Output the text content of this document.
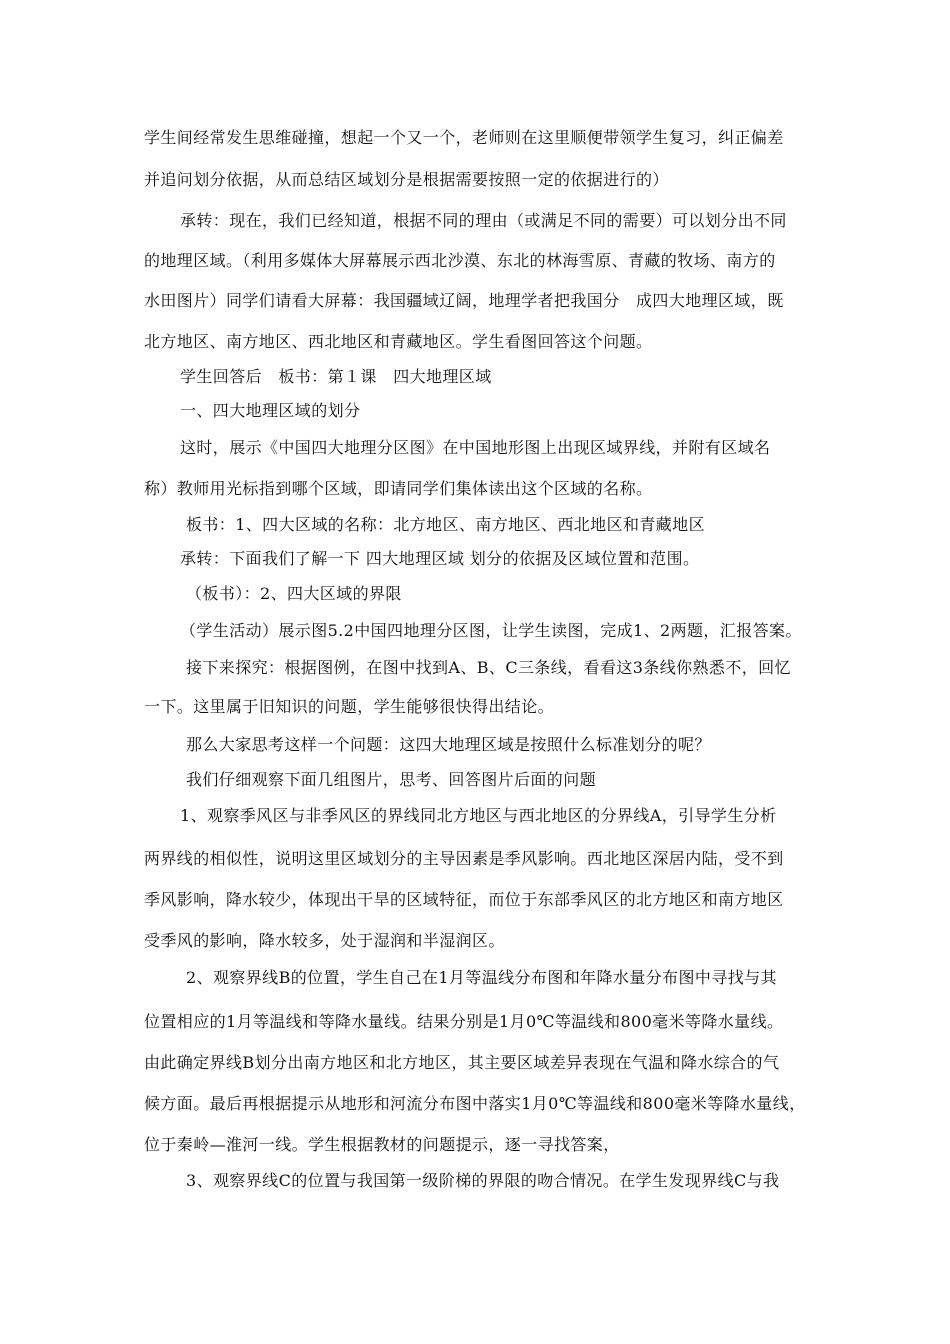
学生间经常发生思维碰撞，想起一个又一个，老师则在这里顺便带领学生复习，纠正偏差
并追问划分依据，从而总结区域划分是根据需要按照一定的依据进行的）
承转：现在，我们已经知道，根据不同的理由（或满足不同的需要）可以划分出不同
的地理区域。（利用多媒体大屏幕展示西北沙漠、东北的林海雪原、青藏的牧场、南方的
水田图片）同学们请看大屏幕：我国疆域辽阔，地理学者把我国分　成四大地理区域，既
北方地区、南方地区、西北地区和青藏地区。学生看图回答这个问题。
学生回答后　板书：第１课　四大地理区域
一、四大地理区域的划分
这时，展示《中国四大地理分区图》在中国地形图上出现区域界线，并附有区域名
称）教师用光标指到哪个区域，即请同学们集体读出这个区域的名称。
板书：1、四大区域的名称：北方地区、南方地区、西北地区和青藏地区
承转：下面我们了解一下 四大地理区域 划分的依据及区域位置和范围。
（板书）：2、四大区域的界限
（学生活动）展示图5.2中国四地理分区图，让学生读图，完成1、2两题，汇报答案。
接下来探究：根据图例，在图中找到A、B、C三条线，看看这3条线你熟悉不，回忆
一下。这里属于旧知识的问题，学生能够很快得出结论。
那么大家思考这样一个问题：这四大地理区域是按照什么标准划分的呢？
我们仔细观察下面几组图片，思考、回答图片后面的问题
1、观察季风区与非季风区的界线同北方地区与西北地区的分界线A，引导学生分析
两界线的相似性，说明这里区域划分的主导因素是季风影响。西北地区深居内陆，受不到
季风影响，降水较少，体现出干旱的区域特征，而位于东部季风区的北方地区和南方地区
受季风的影响，降水较多，处于湿润和半湿润区。
2、观察界线B的位置，学生自己在1月等温线分布图和年降水量分布图中寻找与其
位置相应的1月等温线和等降水量线。结果分别是1月0℃等温线和800毫米等降水量线。
由此确定界线B划分出南方地区和北方地区，其主要区域差异表现在气温和降水综合的气
候方面。最后再根据提示从地形和河流分布图中落实1月0℃等温线和800毫米等降水量线，
位于秦岭—淮河一线。学生根据教材的问题提示，逐一寻找答案，
3、观察界线C的位置与我国第一级阶梯的界限的吻合情况。在学生发现界线C与我
